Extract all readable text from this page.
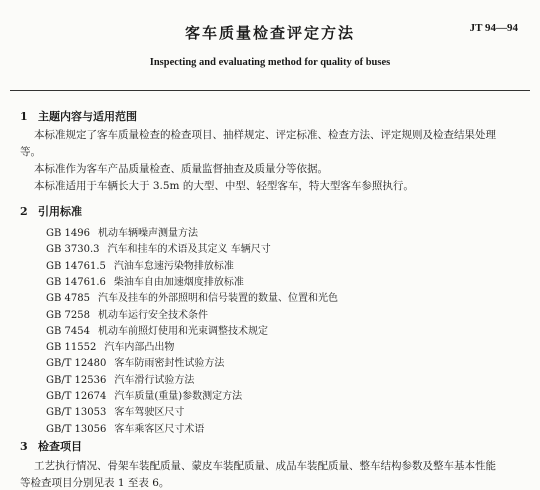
客车质量检查评定方法	JT 94—94
Inspecting and evaluating method for quality of buses
1 主题内容与适用范围
本标准规定了客车质量检查的检查项目、抽样规定、评定标准、检查方法、评定规则及检查结果处理
等。
本标准作为客车产品质量检查、质量监督抽查及质量分等依据。
本标准适用于车辆长大于 3.5m 的大型、中型、轻型客车，特大型客车参照执行。
2 引用标准
GB 1496 机动车辆噪声测量方法
GB 3730.3 汽车和挂车的术语及其定义 车辆尺寸
GB 14761.5 汽油车怠速污染物排放标准
GB 14761.6 柴油车自由加速烟度排放标准
GB 4785 汽车及挂车的外部照明和信号装置的数量、位置和光色
GB 7258 机动车运行安全技术条件
GB 7454 机动车前照灯使用和光束调整技术规定
GB 11552 汽车内部凸出物
GB/T 12480 客车防雨密封性试验方法
GB/T 12536 汽车滑行试验方法
GB/T 12674 汽车质量(重量)参数测定方法
GB/T 13053 客车驾驶区尺寸
GB/T 13056 客车乘客区尺寸术语
3 检查项目
工艺执行情况、骨架车装配质量、蒙皮车装配质量、成品车装配质量、整车结构参数及整车基本性能
等检查项目分别见表 1 至表 6。
